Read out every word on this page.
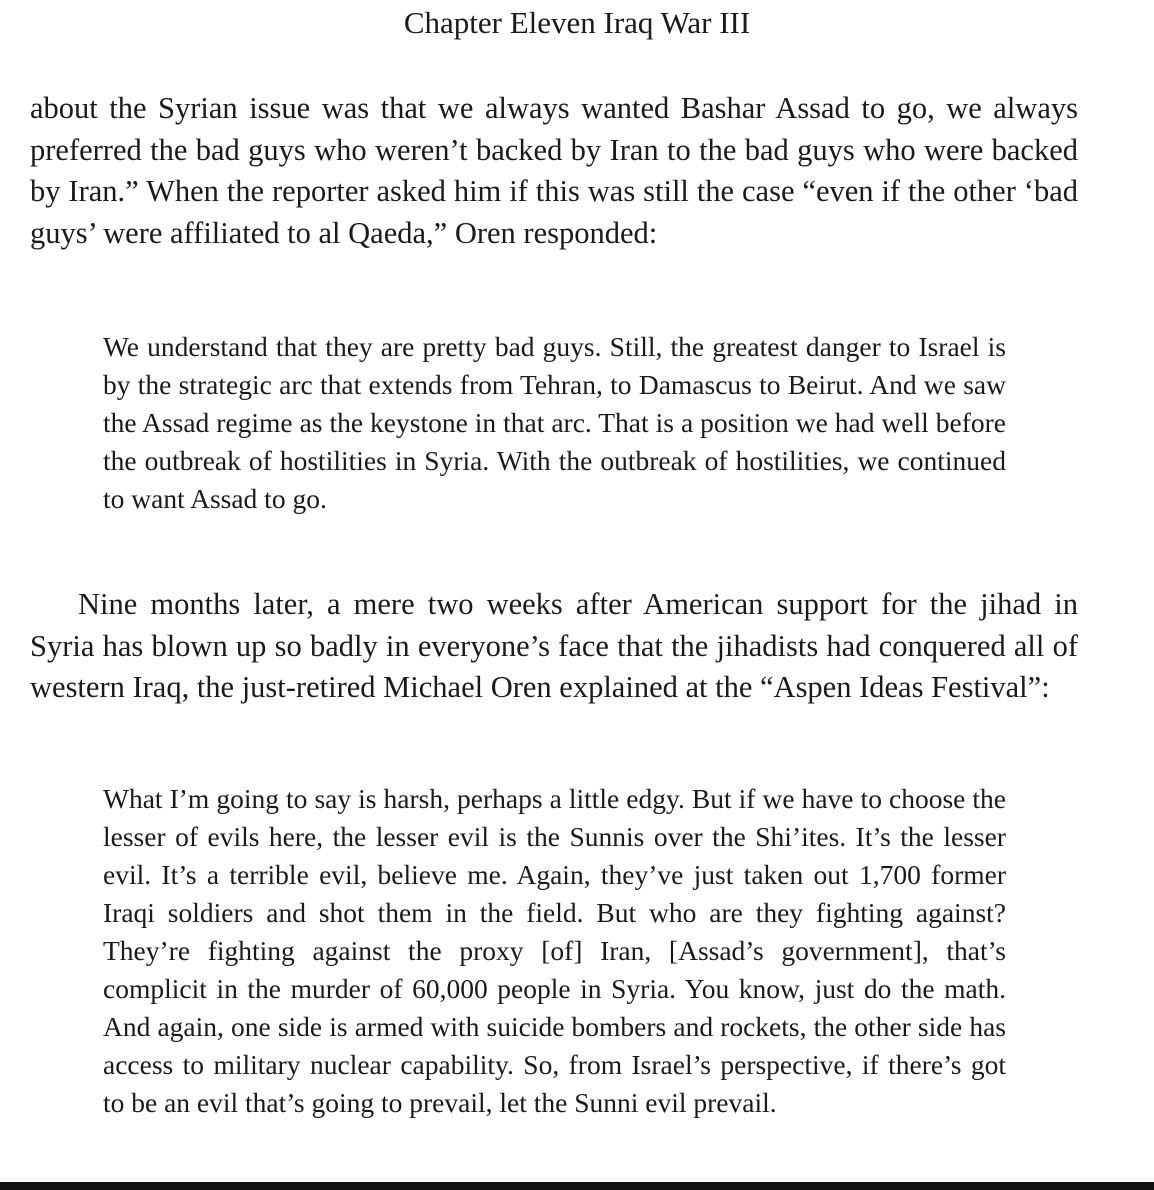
Chapter Eleven Iraq War III

about the Syrian issue was that we always wanted Bashar Assad to go, we always preferred the bad guys who weren’t backed by Iran to the bad guys who were backed by Iran.” When the reporter asked him if this was still the case “even if the other ‘bad guys’ were affiliated to al Qaeda,” Oren responded:

We understand that they are pretty bad guys. Still, the greatest danger to Israel is by the strategic arc that extends from Tehran, to Damascus to Beirut. And we saw the Assad regime as the keystone in that arc. That is a position we had well before the outbreak of hostilities in Syria. With the outbreak of hostilities, we continued to want Assad to go.

Nine months later, a mere two weeks after American support for the jihad in Syria has blown up so badly in everyone’s face that the jihadists had conquered all of western Iraq, the just-retired Michael Oren explained at the “Aspen Ideas Festival”:

What I’m going to say is harsh, perhaps a little edgy. But if we have to choose the lesser of evils here, the lesser evil is the Sunnis over the Shi’ites. It’s the lesser evil. It’s a terrible evil, believe me. Again, they’ve just taken out 1,700 former Iraqi soldiers and shot them in the field. But who are they fighting against? They’re fighting against the proxy [of] Iran, [Assad’s government], that’s complicit in the murder of 60,000 people in Syria. You know, just do the math. And again, one side is armed with suicide bombers and rockets, the other side has access to military nuclear capability. So, from Israel’s perspective, if there’s got to be an evil that’s going to prevail, let the Sunni evil prevail.
